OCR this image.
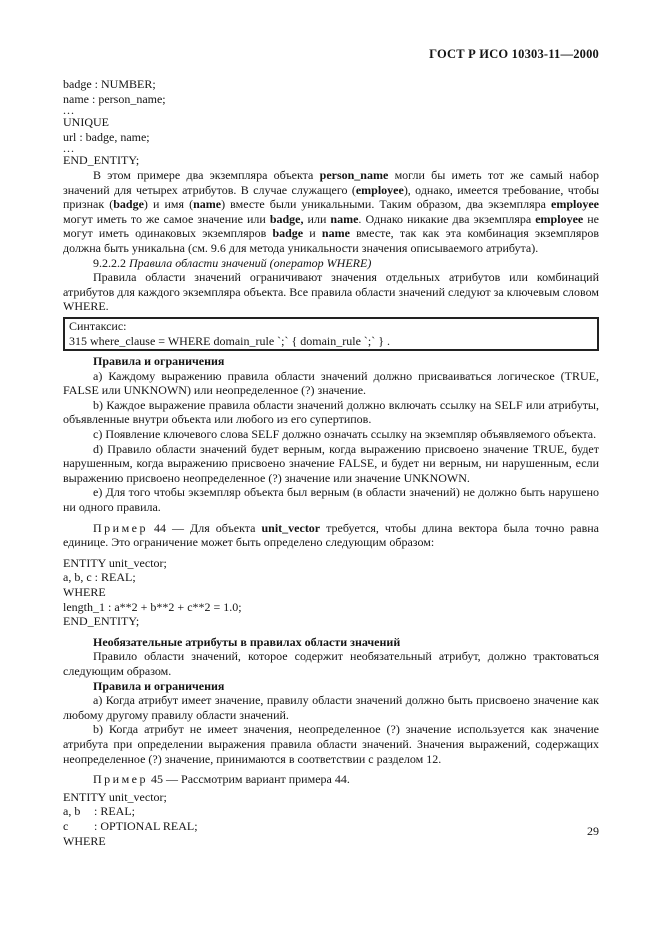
ГОСТ Р ИСО 10303-11—2000
badge : NUMBER;
name : person_name;
...
UNIQUE
url : badge, name;
...
END_ENTITY;

В этом примере два экземпляра объекта person_name могли бы иметь тот же самый набор значений для четырех атрибутов. В случае служащего (employee), однако, имеется требование, чтобы признак (badge) и имя (name) вместе были уникальными. Таким образом, два экземпляра employee могут иметь то же самое значение или badge, или name. Однако никакие два экземпляра employee не могут иметь одинаковых экземпляров badge и name вместе, так как эта комбинация экземпляров должна быть уникальна (см. 9.6 для метода уникальности значения описываемого атрибута).

9.2.2.2 Правила области значений (оператор WHERE)

Правила области значений ограничивают значения отдельных атрибутов или комбинаций атрибутов для каждого экземпляра объекта. Все правила области значений следуют за ключевым словом WHERE.

Синтаксис:
315 where_clause = WHERE domain_rule `;` { domain_rule `;` } .

Правила и ограничения

а) Каждому выражению правила области значений должно присваиваться логическое (TRUE, FALSE или UNKNOWN) или неопределенное (?) значение.

b) Каждое выражение правила области значений должно включать ссылку на SELF или атрибуты, объявленные внутри объекта или любого из его супертипов.

с) Появление ключевого слова SELF должно означать ссылку на экземпляр объявляемого объекта.

d) Правило области значений будет верным, когда выражению присвоено значение TRUE, будет нарушенным, когда выражению присвоено значение FALSE, и будет ни верным, ни нарушенным, если выражению присвоено неопределенное (?) значение или значение UNKNOWN.

е) Для того чтобы экземпляр объекта был верным (в области значений) не должно быть нарушено ни одного правила.

Пример 44 — Для объекта unit_vector требуется, чтобы длина вектора была точно равна единице. Это ограничение может быть определено следующим образом:

ENTITY unit_vector;
a, b, c : REAL;
WHERE
length_1 : a**2 + b**2 + c**2 = 1.0;
END_ENTITY;

Необязательные атрибуты в правилах области значений

Правило области значений, которое содержит необязательный атрибут, должно трактоваться следующим образом.

Правила и ограничения

а) Когда атрибут имеет значение, правилу области значений должно быть присвоено значение как любому другому правилу области значений.

b) Когда атрибут не имеет значения, неопределенное (?) значение используется как значение атрибута при определении выражения правила области значений. Значения выражений, содержащих неопределенное (?) значение, принимаются в соответствии с разделом 12.

Пример 45 — Рассмотрим вариант примера 44.

ENTITY unit_vector;
a, b : REAL;
c : OPTIONAL REAL;
WHERE
29
